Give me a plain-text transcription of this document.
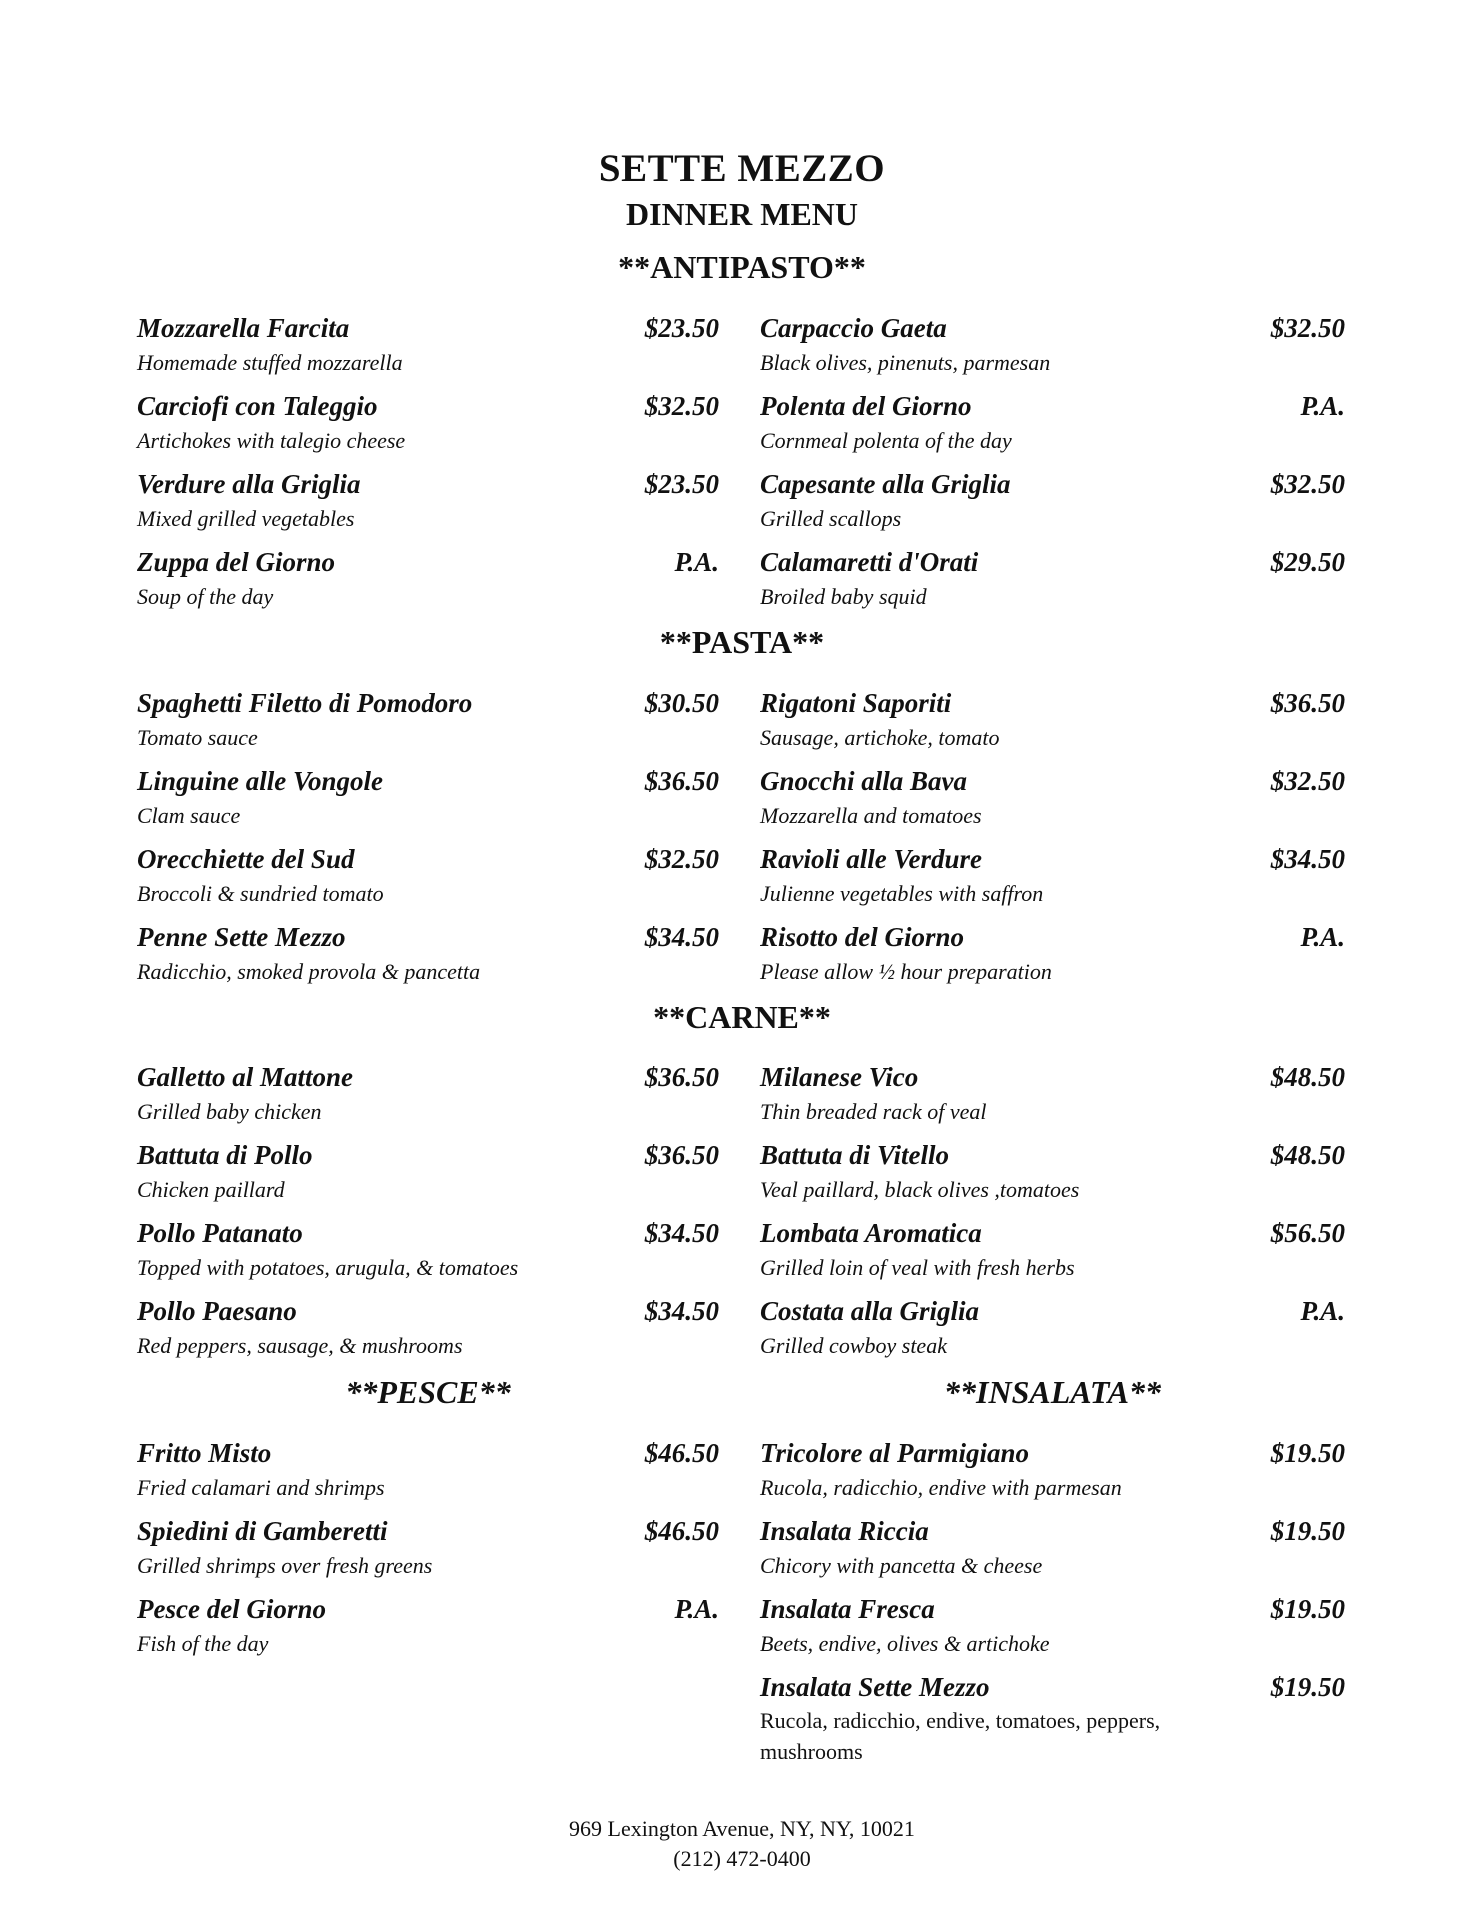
SETTE MEZZO
DINNER MENU
**ANTIPASTO**
Mozzarella Farcita	$23.50
Homemade stuffed mozzarella
Carciofi con Taleggio	$32.50
Artichokes with talegio cheese
Verdure alla Griglia	$23.50
Mixed grilled vegetables
Zuppa del Giorno	P.A.
Soup of the day
Carpaccio Gaeta	$32.50
Black olives, pinenuts, parmesan
Polenta del Giorno	P.A.
Cornmeal polenta of the day
Capesante alla Griglia	$32.50
Grilled scallops
Calamaretti d'Orati	$29.50
Broiled baby squid
**PASTA**
Spaghetti Filetto di Pomodoro	$30.50
Tomato sauce
Linguine alle Vongole	$36.50
Clam sauce
Orecchiette del Sud	$32.50
Broccoli & sundried tomato
Penne Sette Mezzo	$34.50
Radicchio, smoked provola & pancetta
Rigatoni Saporiti	$36.50
Sausage, artichoke, tomato
Gnocchi alla Bava	$32.50
Mozzarella and tomatoes
Ravioli alle Verdure	$34.50
Julienne vegetables with saffron
Risotto del Giorno	P.A.
Please allow ½ hour preparation
**CARNE**
Galletto al Mattone	$36.50
Grilled baby chicken
Battuta di Pollo	$36.50
Chicken paillard
Pollo Patanato	$34.50
Topped with potatoes, arugula, & tomatoes
Pollo Paesano	$34.50
Red peppers, sausage, & mushrooms
Milanese Vico	$48.50
Thin breaded rack of veal
Battuta di Vitello	$48.50
Veal paillard, black olives ,tomatoes
Lombata Aromatica	$56.50
Grilled loin of veal with fresh herbs
Costata alla Griglia	P.A.
Grilled cowboy steak
**PESCE**	**INSALATA**
Fritto Misto	$46.50
Fried calamari and shrimps
Spiedini di Gamberetti	$46.50
Grilled shrimps over fresh greens
Pesce del Giorno	P.A.
Fish of the day
Tricolore al Parmigiano	$19.50
Rucola, radicchio, endive with parmesan
Insalata Riccia	$19.50
Chicory with pancetta & cheese
Insalata Fresca	$19.50
Beets, endive, olives & artichoke
Insalata Sette Mezzo	$19.50
Rucola, radicchio, endive, tomatoes, peppers, mushrooms
969 Lexington Avenue, NY, NY, 10021
(212) 472-0400
